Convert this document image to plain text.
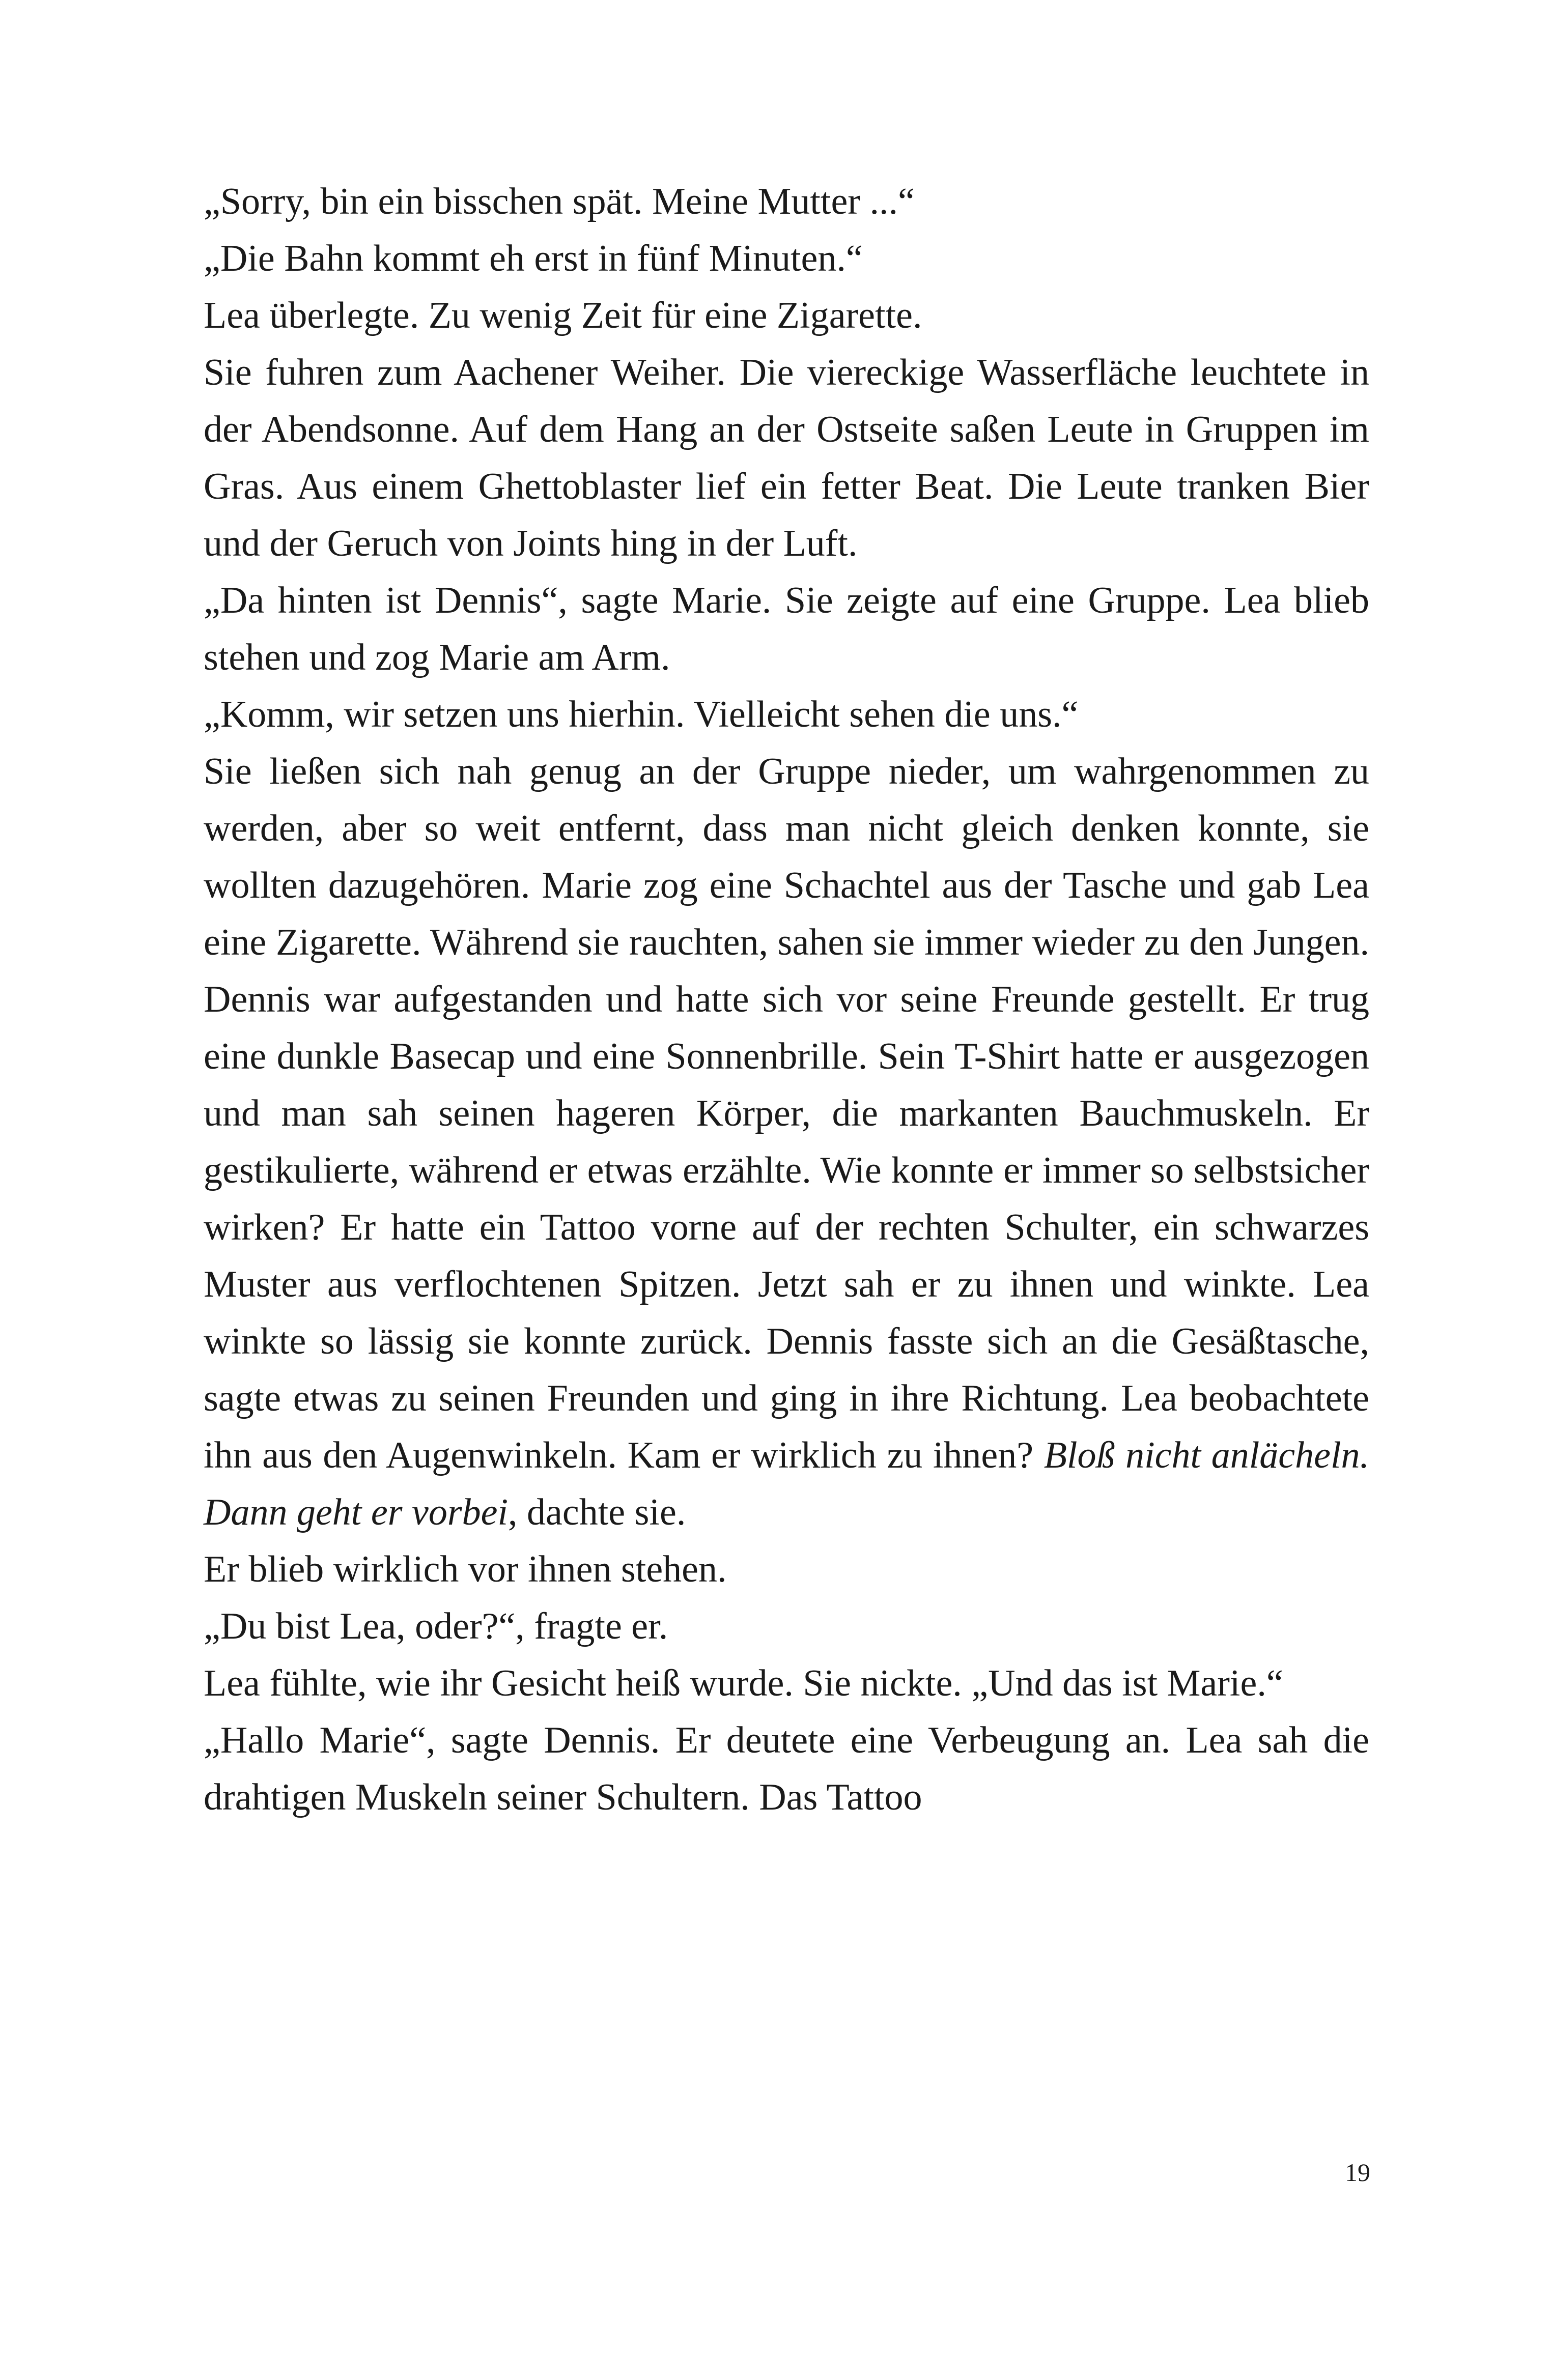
„Sorry, bin ein bisschen spät. Meine Mutter ...“

„Die Bahn kommt eh erst in fünf Minuten.“

Lea überlegte. Zu wenig Zeit für eine Zigarette.

Sie fuhren zum Aachener Weiher. Die viereckige Wasserfläche leuchtete in der Abendsonne. Auf dem Hang an der Ostseite saßen Leute in Gruppen im Gras. Aus einem Ghettoblaster lief ein fetter Beat. Die Leute tranken Bier und der Geruch von Joints hing in der Luft.

„Da hinten ist Dennis“, sagte Marie. Sie zeigte auf eine Gruppe. Lea blieb stehen und zog Marie am Arm.

„Komm, wir setzen uns hierhin. Vielleicht sehen die uns.“

Sie ließen sich nah genug an der Gruppe nieder, um wahrgenommen zu werden, aber so weit entfernt, dass man nicht gleich denken konnte, sie wollten dazugehören. Marie zog eine Schachtel aus der Tasche und gab Lea eine Zigarette. Während sie rauchten, sahen sie immer wieder zu den Jungen. Dennis war aufgestanden und hatte sich vor seine Freunde gestellt. Er trug eine dunkle Basecap und eine Sonnenbrille. Sein T-Shirt hatte er ausgezogen und man sah seinen hageren Körper, die markanten Bauchmuskeln. Er gestikulierte, während er etwas erzählte. Wie konnte er immer so selbstsicher wirken? Er hatte ein Tattoo vorne auf der rechten Schulter, ein schwarzes Muster aus verflochtenen Spitzen. Jetzt sah er zu ihnen und winkte. Lea winkte so lässig sie konnte zurück. Dennis fasste sich an die Gesäßtasche, sagte etwas zu seinen Freunden und ging in ihre Richtung. Lea beobachtete ihn aus den Augenwinkeln. Kam er wirklich zu ihnen? Bloß nicht anlächeln. Dann geht er vorbei, dachte sie.

Er blieb wirklich vor ihnen stehen.

„Du bist Lea, oder?“, fragte er.

Lea fühlte, wie ihr Gesicht heiß wurde. Sie nickte. „Und das ist Marie.“

„Hallo Marie“, sagte Dennis. Er deutete eine Verbeugung an. Lea sah die drahtigen Muskeln seiner Schultern. Das Tattoo

19
